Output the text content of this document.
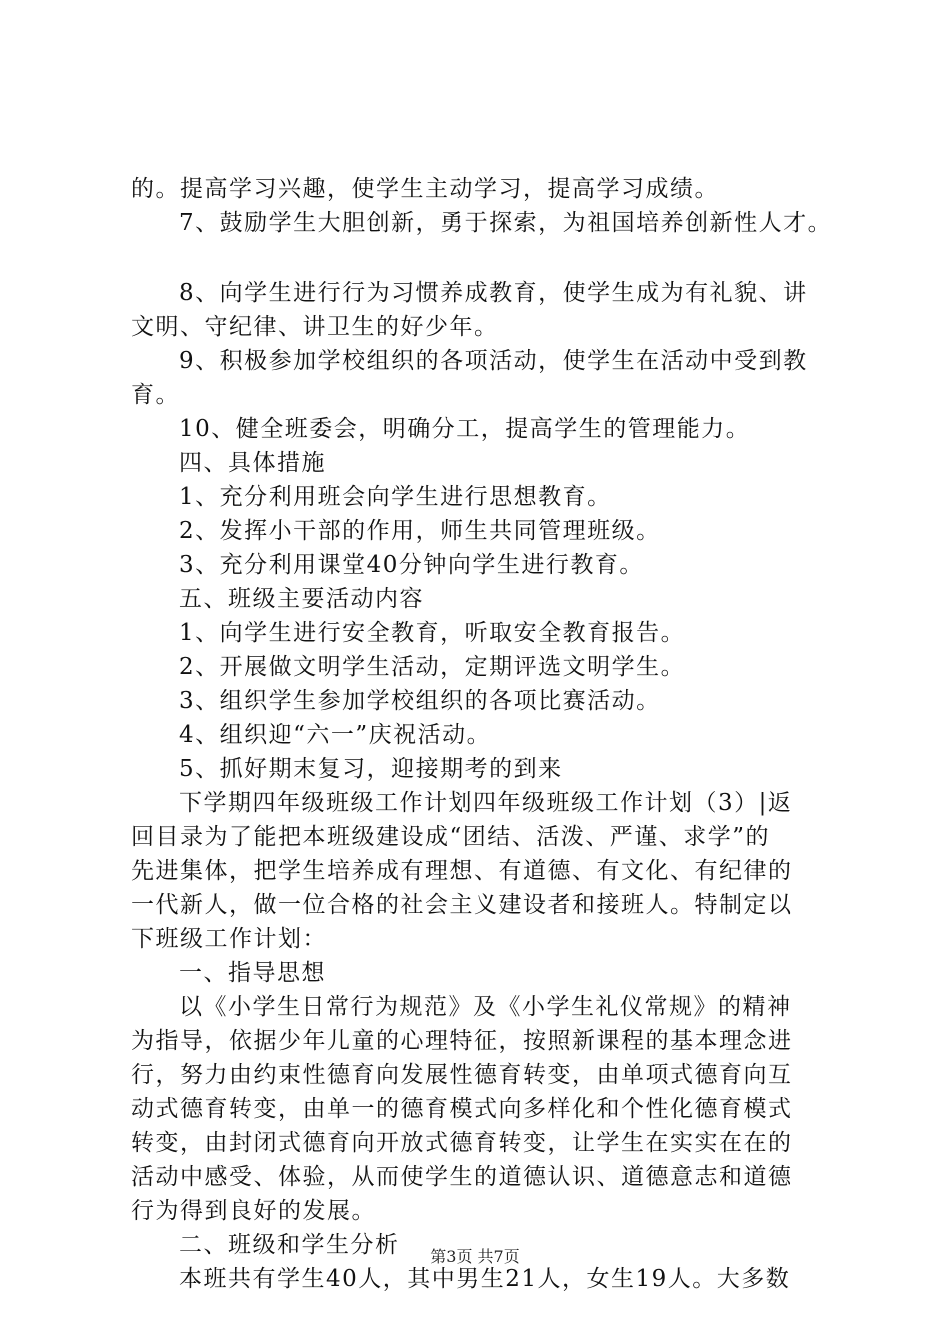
的。提高学习兴趣，使学生主动学习，提高学习成绩。
7、鼓励学生大胆创新，勇于探索，为祖国培养创新性人才。
8、向学生进行行为习惯养成教育，使学生成为有礼貌、讲
文明、守纪律、讲卫生的好少年。
9、积极参加学校组织的各项活动，使学生在活动中受到教
育。
10、健全班委会，明确分工，提高学生的管理能力。
四、具体措施
1、充分利用班会向学生进行思想教育。
2、发挥小干部的作用，师生共同管理班级。
3、充分利用课堂40分钟向学生进行教育。
五、班级主要活动内容
1、向学生进行安全教育，听取安全教育报告。
2、开展做文明学生活动，定期评选文明学生。
3、组织学生参加学校组织的各项比赛活动。
4、组织迎“六一”庆祝活动。
5、抓好期末复习，迎接期考的到来
下学期四年级班级工作计划四年级班级工作计划（3）|返
回目录为了能把本班级建设成“团结、活泼、严谨、求学”的
先进集体，把学生培养成有理想、有道德、有文化、有纪律的
一代新人，做一位合格的社会主义建设者和接班人。特制定以
下班级工作计划：
一、指导思想
以《小学生日常行为规范》及《小学生礼仪常规》的精神
为指导，依据少年儿童的心理特征，按照新课程的基本理念进
行，努力由约束性德育向发展性德育转变，由单项式德育向互
动式德育转变，由单一的德育模式向多样化和个性化德育模式
转变，由封闭式德育向开放式德育转变，让学生在实实在在的
活动中感受、体验，从而使学生的道德认识、道德意志和道德
行为得到良好的发展。
二、班级和学生分析
本班共有学生40人，其中男生21人，女生19人。大多数
第3页 共7页
